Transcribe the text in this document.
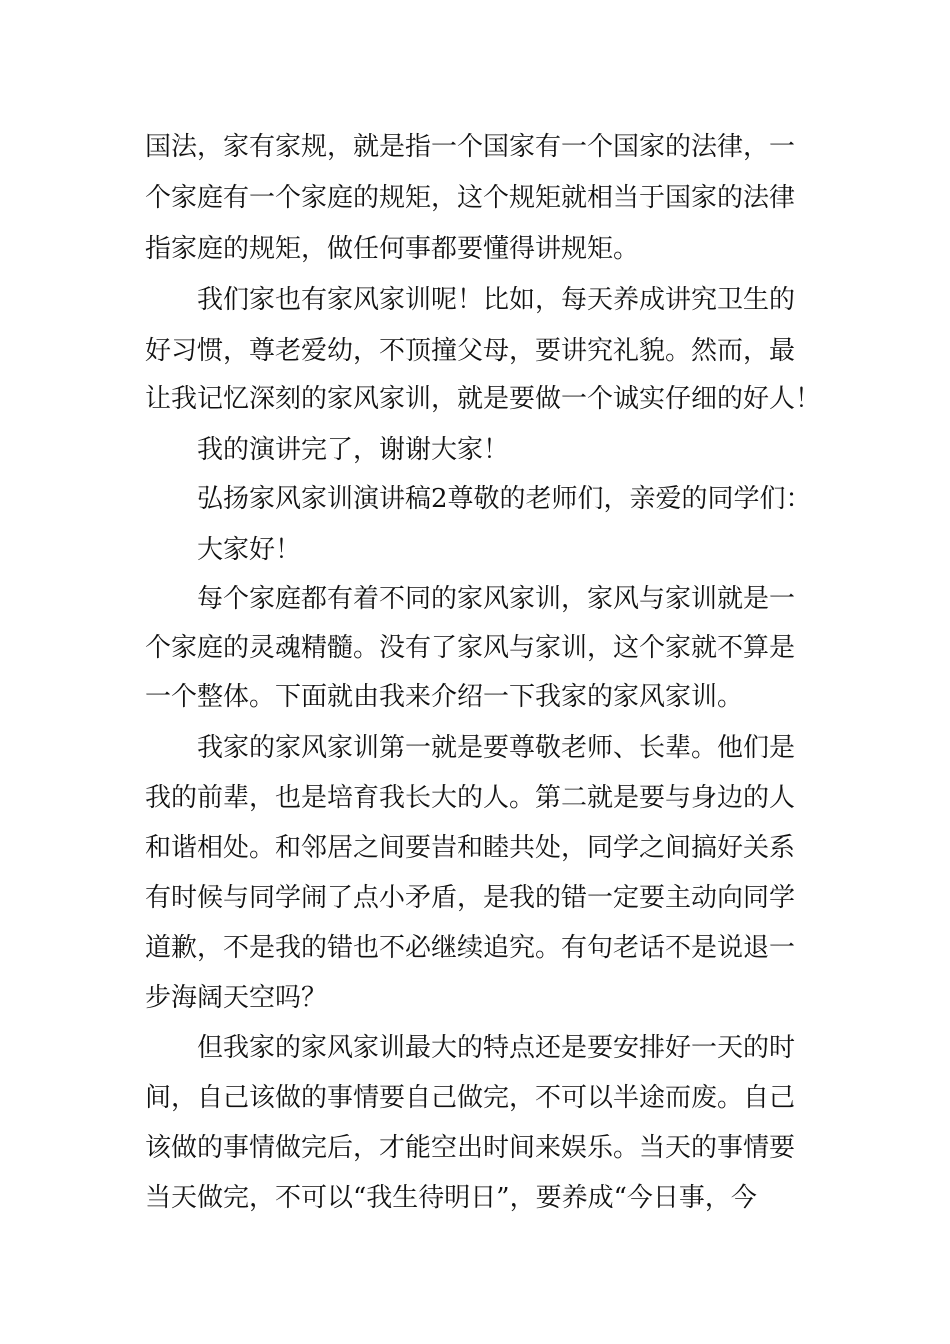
国法，家有家规，就是指一个国家有一个国家的法律，一

个家庭有一个家庭的规矩，这个规矩就相当于国家的法律

指家庭的规矩，做任何事都要懂得讲规矩。

我们家也有家风家训呢！比如，每天养成讲究卫生的

好习惯，尊老爱幼，不顶撞父母，要讲究礼貌。然而，最

让我记忆深刻的家风家训，就是要做一个诚实仔细的好人！

我的演讲完了，谢谢大家！

弘扬家风家训演讲稿2尊敬的老师们，亲爱的同学们：

大家好！

每个家庭都有着不同的家风家训，家风与家训就是一

个家庭的灵魂精髓。没有了家风与家训，这个家就不算是

一个整体。下面就由我来介绍一下我家的家风家训。

我家的家风家训第一就是要尊敬老师、长辈。他们是

我的前辈，也是培育我长大的人。第二就是要与身边的人

和谐相处。和邻居之间要旹和睦共处，同学之间搞好关系

有时候与同学闹了点小矛盾，是我的错一定要主动向同学

道歉，不是我的错也不必继续追究。有句老话不是说退一

步海阔天空吗？

但我家的家风家训最大的特点还是要安排好一天的时

间，自己该做的事情要自己做完，不可以半途而废。自己

该做的事情做完后，才能空出时间来娱乐。当天的事情要

当天做完，不可以“我生待明日”，要养成“今日事，今
